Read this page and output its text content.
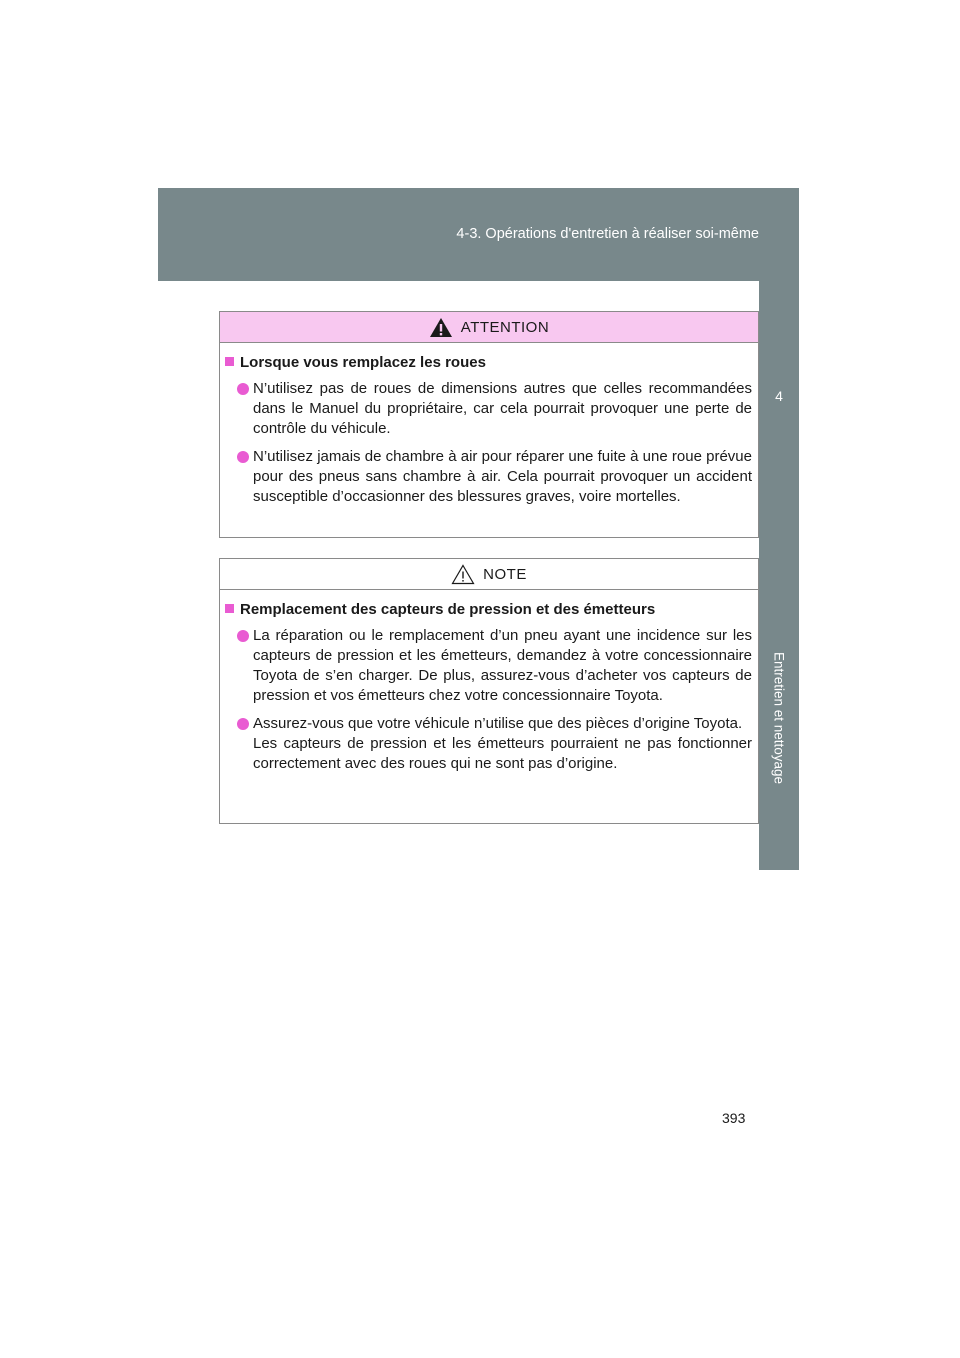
4-3. Opérations d'entretien à réaliser soi-même
4
Entretien et nettoyage
ATTENTION
Lorsque vous remplacez les roues
N’utilisez pas de roues de dimensions autres que celles recommandées dans le Manuel du propriétaire, car cela pourrait provoquer une perte de contrôle du véhicule.
N’utilisez jamais de chambre à air pour réparer une fuite à une roue prévue pour des pneus sans chambre à air. Cela pourrait provoquer un accident susceptible d’occasionner des blessures graves, voire mortelles.
NOTE
Remplacement des capteurs de pression et des émetteurs
La réparation ou le remplacement d’un pneu ayant une incidence sur les capteurs de pression et les émetteurs, demandez à votre concessionnaire Toyota de s’en charger. De plus, assurez-vous d’acheter vos capteurs de pression et vos émetteurs chez votre concessionnaire Toyota.
Assurez-vous que votre véhicule n’utilise que des pièces d’origine Toyota.
Les capteurs de pression et les émetteurs pourraient ne pas fonctionner correctement avec des roues qui ne sont pas d’origine.
393
